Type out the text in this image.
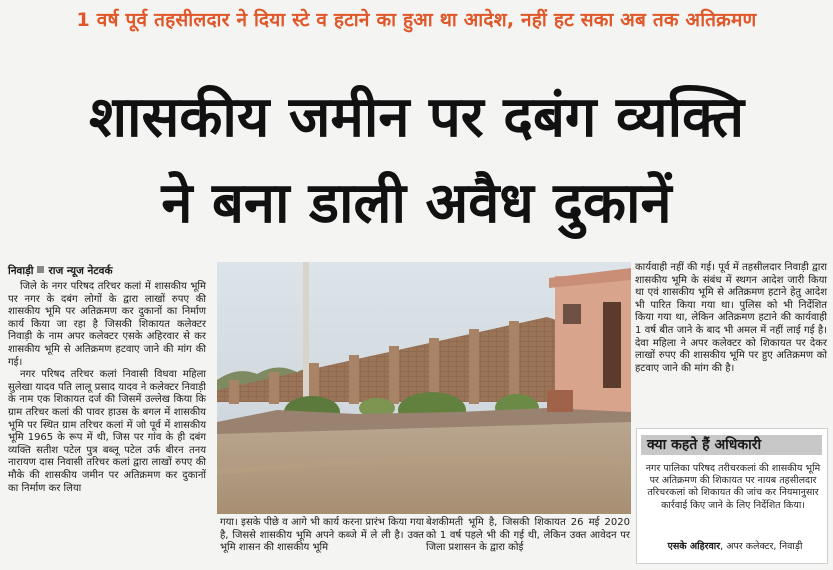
1 वर्ष पूर्व तहसीलदार ने दिया स्टे व हटाने का हुआ था आदेश, नहीं हट सका अब तक अतिक्रमण
शासकीय जमीन पर दबंग व्यक्ति
ने बना डाली अवैध दुकानें
निवाड़ी राज न्यूज नेटवर्क

जिले के नगर परिषद तरिचर कलां में शासकीय भूमि पर नगर के दबंग लोगों के द्वारा लाखों रुपए की शासकीय भूमि पर अतिक्रमण कर दुकानों का निर्माण कार्य किया जा रहा है जिसकी शिकायत कलेक्टर निवाड़ी के नाम अपर कलेक्टर एसके अहिरवार से कर शासकीय भूमि से अतिक्रमण हटवाए जाने की मांग की गई।

नगर परिषद तरिचर कलां निवासी विधवा महिला सुलेखा यादव पति लालू प्रसाद यादव ने कलेक्टर निवाड़ी के नाम एक शिकायत दर्ज की जिसमें उल्लेख किया कि ग्राम तरिचर कलां की पावर हाउस के बगल में शासकीय भूमि पर स्थित ग्राम तरिचर कलां में जो पूर्व में शासकीय भूमि 1965 के रूप में थी, जिस पर गांव के ही दबंग व्यक्ति सतीश पटेल पुत्र बब्लू पटेल उर्फ बीरन तनय नारायण दास निवासी तरिचर कलां द्वारा लाखों रुपए की मौके की शासकीय जमीन पर अतिक्रमण कर दुकानों का निर्माण कर लिया

गया। इसके पीछे व आगे भी कार्य करना प्रारंभ किया गया है, जिससे शासकीय भूमि अपने कब्जे में ले ली है। उक्त भूमि शासन की शासकीय भूमि

बेशकीमती भूमि है, जिसकी शिकायत 26 मई 2020 को 1 वर्ष पहले भी की गई थी, लेकिन उक्त आवेदन पर जिला प्रशासन के द्वारा कोई

कार्यवाही नहीं की गई। पूर्व में तहसीलदार निवाड़ी द्वारा शासकीय भूमि के संबंध में स्थगन आदेश जारी किया था एवं शासकीय भूमि से अतिक्रमण हटाने हेतु आदेश भी पारित किया गया था। पुलिस को भी निर्देशित किया गया था, लेकिन अतिक्रमण हटाने की कार्यवाही 1 वर्ष बीत जाने के बाद भी अमल में नहीं लाई गई है। देवा महिला ने अपर कलेक्टर को शिकायत पर देकर लाखों रुपए की शासकीय भूमि पर हुए अतिक्रमण को हटवाए जाने की मांग की है।

क्या कहते हैं अधिकारी
नगर पालिका परिषद तरीचरकलां की शासकीय भूमि पर अतिक्रमण की शिकायत पर नायब तहसीलदार तरिचरकलां को शिकायत की जांच कर नियमानुसार कार्रवाई किए जाने के लिए निर्देशित किया।
एसके अहिरवार, अपर कलेक्टर, निवाड़ी
